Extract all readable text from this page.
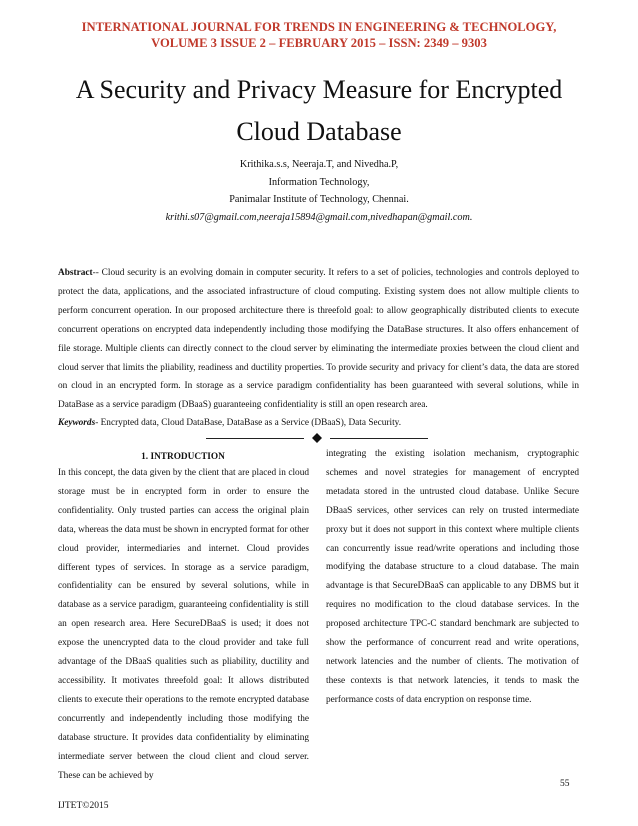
INTERNATIONAL JOURNAL FOR TRENDS IN ENGINEERING & TECHNOLOGY,
VOLUME 3 ISSUE 2 – FEBRUARY 2015 – ISSN: 2349 – 9303
A Security and Privacy Measure for Encrypted
Cloud Database
Krithika.s.s, Neeraja.T, and Nivedha.P,
Information Technology,
Panimalar Institute of Technology, Chennai.
krithi.s07@gmail.com,neeraja15894@gmail.com,nivedhapan@gmail.com.
Abstract-- Cloud security is an evolving domain in computer security. It refers to a set of policies, technologies and controls deployed to protect the data, applications, and the associated infrastructure of cloud computing. Existing system does not allow multiple clients to perform concurrent operation. In our proposed architecture there is threefold goal: to allow geographically distributed clients to execute concurrent operations on encrypted data independently including those modifying the DataBase structures. It also offers enhancement of file storage. Multiple clients can directly connect to the cloud server by eliminating the intermediate proxies between the cloud client and cloud server that limits the pliability, readiness and ductility properties. To provide security and privacy for client’s data, the data are stored on cloud in an encrypted form. In storage as a service paradigm confidentiality has been guaranteed with several solutions, while in DataBase as a service paradigm (DBaaS) guaranteeing confidentiality is still an open research area.
Keywords- Encrypted data, Cloud DataBase, DataBase as a Service (DBaaS), Data Security.
1. INTRODUCTION
In this concept, the data given by the client that are placed in cloud storage must be in encrypted form in order to ensure the confidentiality. Only trusted parties can access the original plain data, whereas the data must be shown in encrypted format for other cloud provider, intermediaries and internet. Cloud provides different types of services. In storage as a service paradigm, confidentiality can be ensured by several solutions, while in database as a service paradigm, guaranteeing confidentiality is still an open research area. Here SecureDBaaS is used; it does not expose the unencrypted data to the cloud provider and take full advantage of the DBaaS qualities such as pliability, ductility and accessibility. It motivates threefold goal: It allows distributed clients to execute their operations to the remote encrypted database concurrently and independently including those modifying the database structure. It provides data confidentiality by eliminating intermediate server between the cloud client and cloud server. These can be achieved by
integrating the existing isolation mechanism, cryptographic schemes and novel strategies for management of encrypted metadata stored in the untrusted cloud database. Unlike Secure DBaaS services, other services can rely on trusted intermediate proxy but it does not support in this context where multiple clients can concurrently issue read/write operations and including those modifying the database structure to a cloud database. The main advantage is that SecureDBaaS can applicable to any DBMS but it requires no modification to the cloud database services. In the proposed architecture TPC-C standard benchmark are subjected to show the performance of concurrent read and write operations, network latencies and the number of clients. The motivation of these contexts is that network latencies, it tends to mask the performance costs of data encryption on response time.
55
IJTET©2015
